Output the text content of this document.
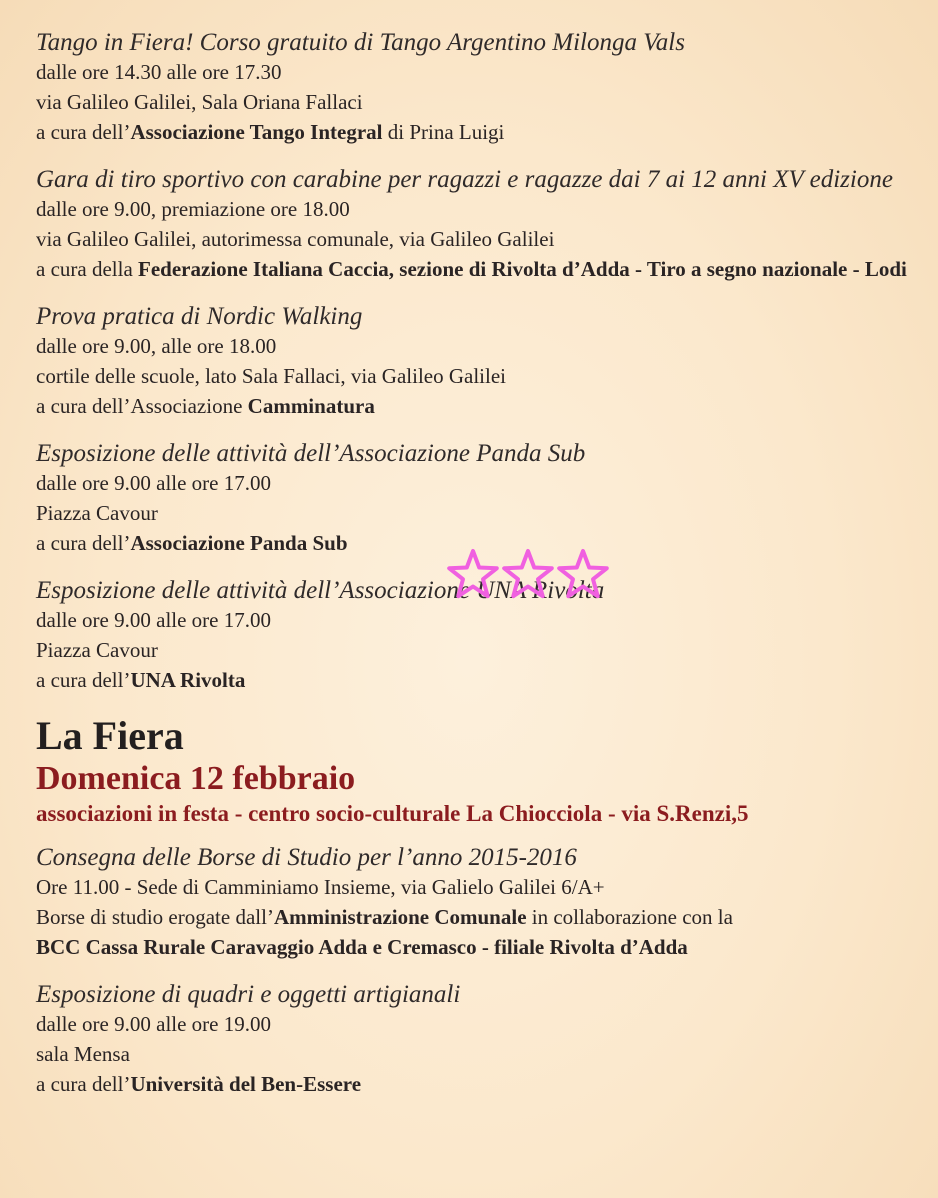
Tango in Fiera! Corso gratuito di Tango Argentino Milonga Vals
dalle ore 14.30 alle ore 17.30
via Galileo Galilei, Sala Oriana Fallaci
a cura dell’Associazione Tango Integral di Prina Luigi
Gara di tiro sportivo con carabine per ragazzi e ragazze dai 7 ai 12 anni XV edizione
dalle ore 9.00, premiazione ore 18.00
via Galileo Galilei, autorimessa comunale, via Galileo Galilei
a cura della Federazione Italiana Caccia, sezione di Rivolta d’Adda - Tiro a segno nazionale - Lodi
Prova pratica di Nordic Walking
dalle ore 9.00, alle ore 18.00
cortile delle scuole, lato Sala Fallaci, via Galileo Galilei
a cura dell’Associazione Camminatura
Esposizione delle attività dell’Associazione Panda Sub
dalle ore 9.00 alle ore 17.00
Piazza Cavour
a cura dell’Associazione Panda Sub
Esposizione delle attività dell’Associazione UNA Rivolta
dalle ore 9.00 alle ore 17.00
Piazza Cavour
a cura dell’UNA Rivolta
La Fiera
Domenica 12 febbraio
associazioni in festa - centro socio-culturale La Chiocciola - via S.Renzi,5
Consegna delle Borse di Studio per l’anno 2015-2016
Ore 11.00 - Sede di Camminiamo Insieme, via Galielo Galilei 6/A+
Borse di studio erogate dall’Amministrazione Comunale in collaborazione con la
BCC Cassa Rurale Caravaggio Adda e Cremasco - filiale Rivolta d’Adda
Esposizione di quadri e oggetti artigianali
dalle ore 9.00 alle ore 19.00
sala Mensa
a cura dell’Università del Ben-Essere
